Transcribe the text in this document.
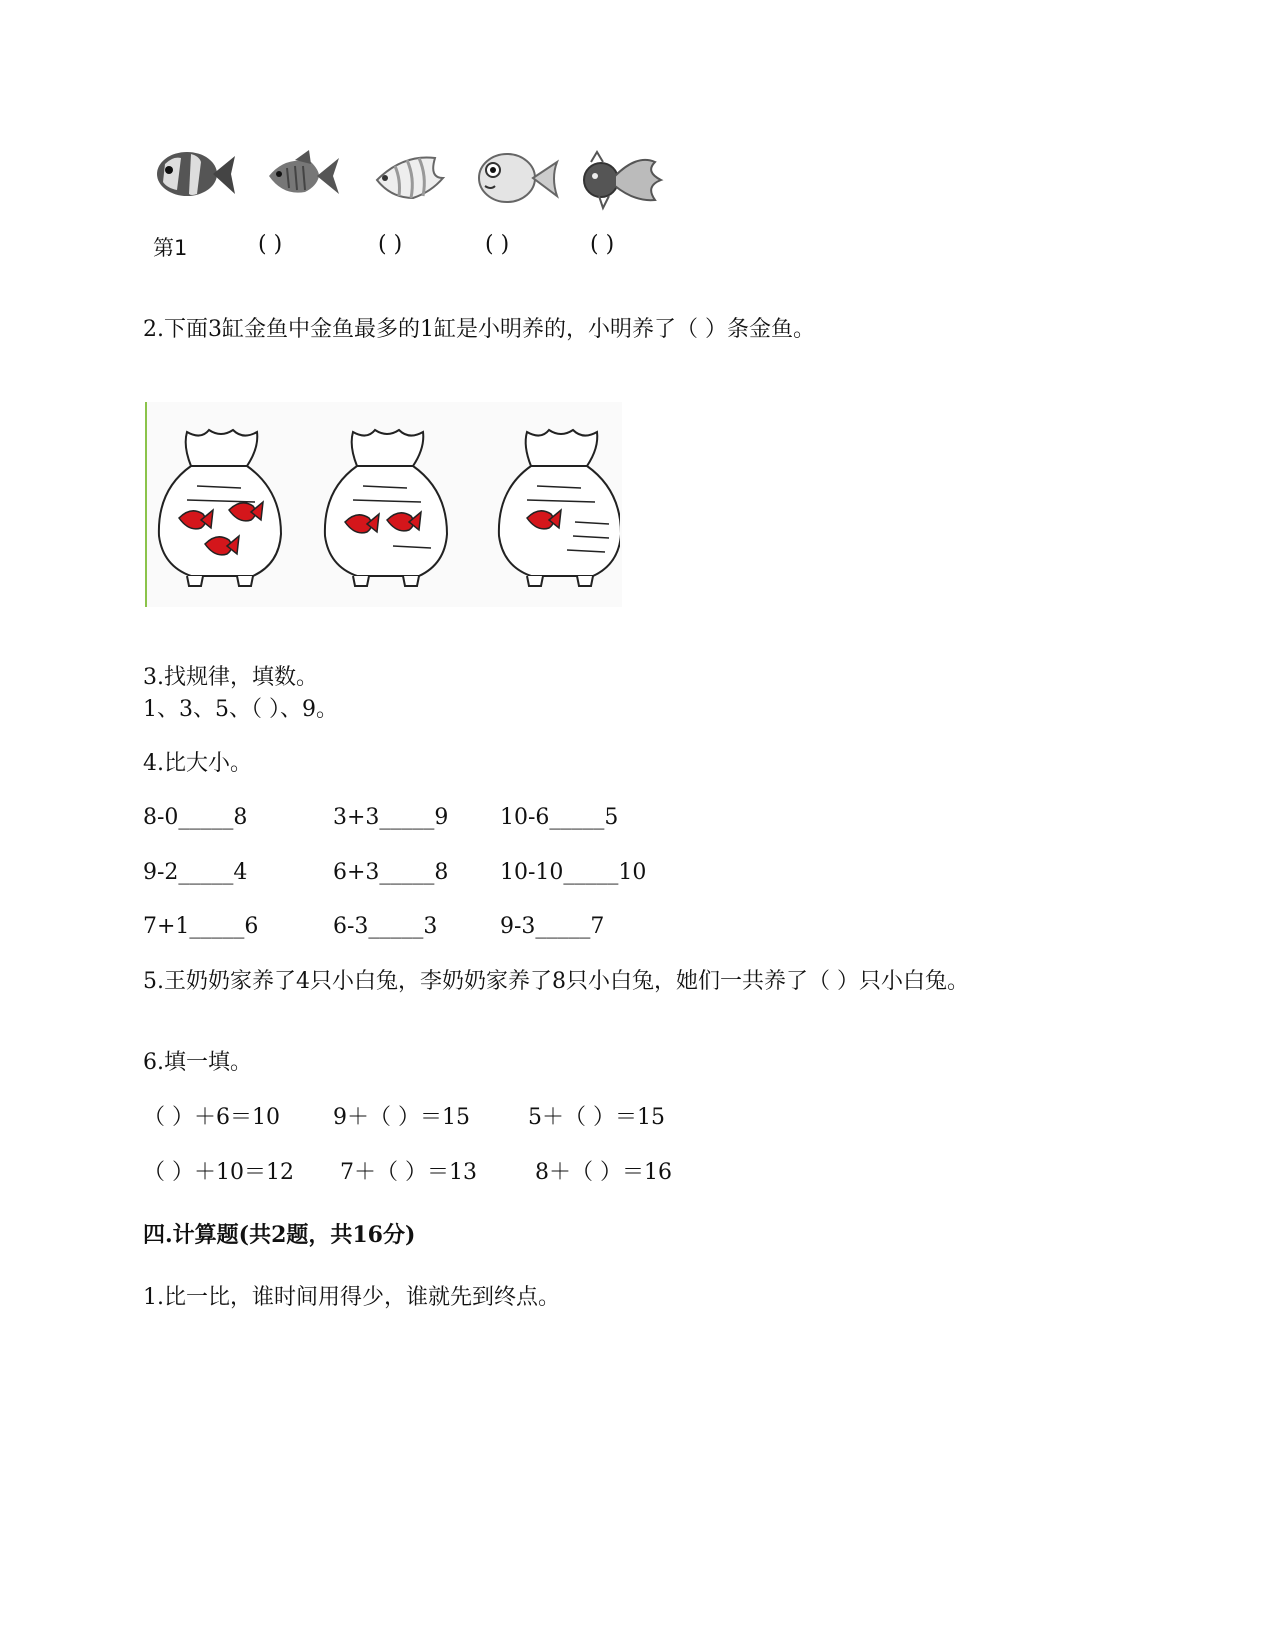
第1	( )	( )	( )	( )
2.下面3缸金鱼中金鱼最多的1缸是小明养的，小明养了（ ）条金鱼。
3.找规律，填数。
1、3、5、（ ）、9。
4.比大小。
8-0_____8	3+3_____9 10-6_____5
9-2_____4	6+3_____8 10-10_____10
7+1_____6	6-3_____3	9-3_____7
5.王奶奶家养了4只小白兔，李奶奶家养了8只小白兔，她们一共养了（ ）只小白兔。
6.填一填。
（ ）＋6＝10 9＋（ ）＝15	5＋（ ）＝15
（ ）＋10＝12 7＋（ ）＝13	8＋（ ）＝16
四.计算题(共2题，共16分)
1.比一比，谁时间用得少，谁就先到终点。
